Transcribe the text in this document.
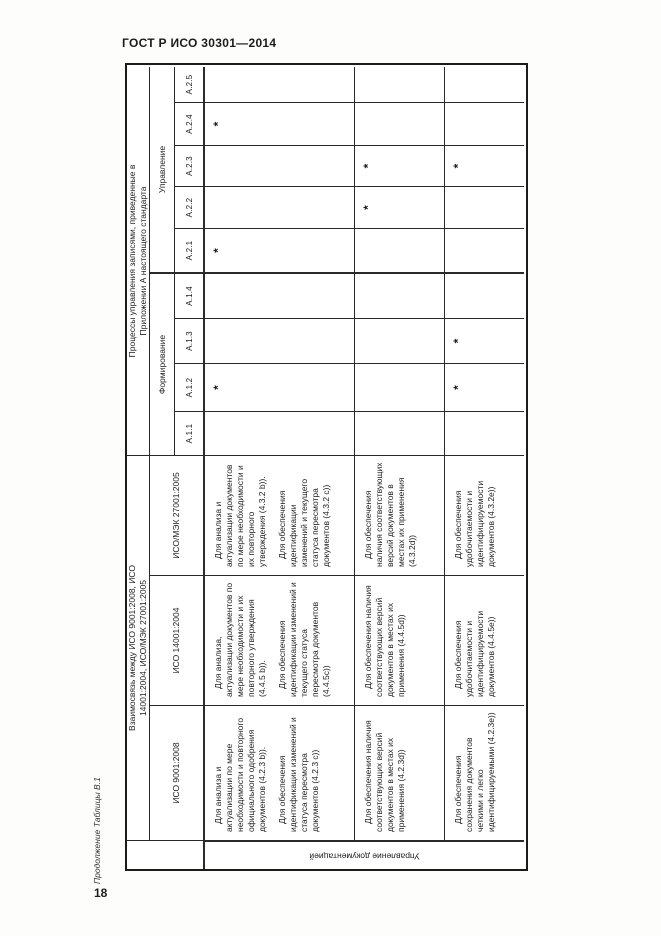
ГОСТ Р ИСО 30301—2014
Продолжение Таблицы В.1
Взаимосвязь между ИСО 9001:2008, ИСО 14001:2004, ИСО/МЭК 27001:2005
Процессы управления записями, приведенные в Приложении А настоящего стандарта
ИСО 9001:2008
ИСО 14001:2004
ИСО/МЭК 27001:2005
Формирование
Управление
А.1.1
А.1.2
А.1.3
А.1.4
А.2.1
А.2.2
А.2.3
А.2.4
А.2.5
Управление документацией

Для анализа и актуализации по мере необходимости и повторного официального одобрения документов (4.2.3 b)). Для обеспечения идентификации изменений и статуса пересмотра документов (4.2.3 с))

Для анализа, актуализации документов по мере необходимости и их повторного утверждения (4.4.5 b)). Для обеспечения идентификации изменений и текущего статуса пересмотра документов (4.4.5с))

Для анализа и актуализации документов по мере необходимости и их повторного утверждения (4.3.2 b)). Для обеспечения идентификации изменений и текущего статуса пересмотра документов (4.3.2 с))

*
*
*

Для обеспечения наличия соответствующих версий документов в местах их применения (4.2.3d))

Для обеспечения наличия соответствующих версий документов в местах их применения (4.4.5d))

Для обеспечения наличия соответствующих версий документов в местах их применения (4.3.2d))

*
*

Для обеспечения сохранения документов четкими и легко идентифицируемыми (4.2.3е))

Для обеспечения удобочитаемости и идентифицируемости документов (4.4.5е))

Для обеспечения удобочитаемости и идентифицируемости документов (4.3.2е))

*
*
*
18
